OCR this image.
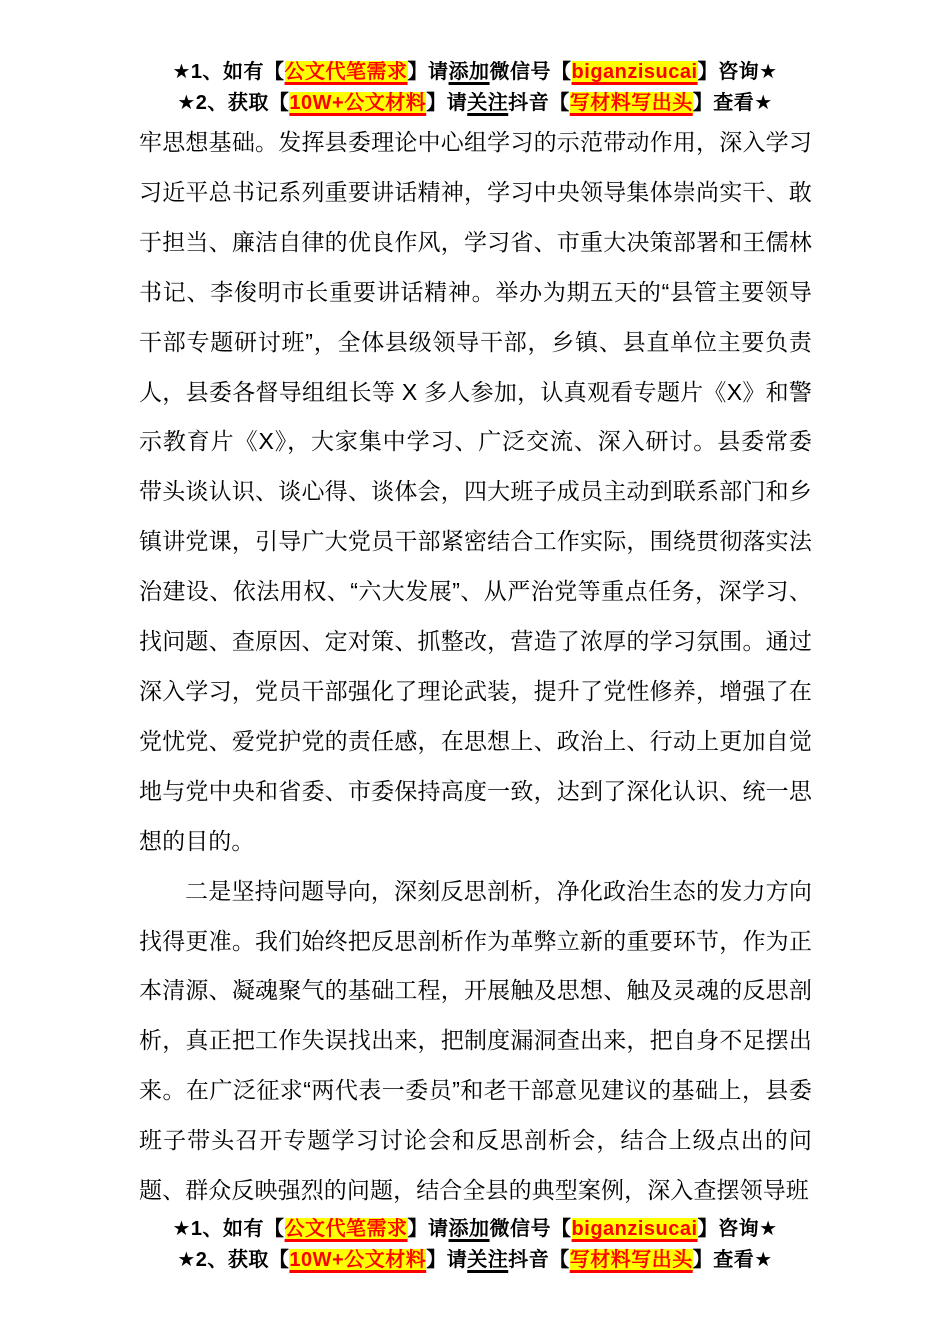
★1、如有【公文代笔需求】请添加微信号【biganzisucai】咨询★
★2、获取【10W+公文材料】请关注抖音【写材料写出头】查看★

牢思想基础。发挥县委理论中心组学习的示范带动作用，深入学习习近平总书记系列重要讲话精神，学习中央领导集体崇尚实干、敢于担当、廉洁自律的优良作风，学习省、市重大决策部署和王儒林书记、李俊明市长重要讲话精神。举办为期五天的“县管主要领导干部专题研讨班”，全体县级领导干部，乡镇、县直单位主要负责人，县委各督导组组长等 X 多人参加，认真观看专题片《X》和警示教育片《X》，大家集中学习、广泛交流、深入研讨。县委常委带头谈认识、谈心得、谈体会，四大班子成员主动到联系部门和乡镇讲党课，引导广大党员干部紧密结合工作实际，围绕贯彻落实法治建设、依法用权、“六大发展”、从严治党等重点任务，深学习、找问题、查原因、定对策、抓整改，营造了浓厚的学习氛围。通过深入学习，党员干部强化了理论武装，提升了党性修养，增强了在党忧党、爱党护党的责任感，在思想上、政治上、行动上更加自觉地与党中央和省委、市委保持高度一致，达到了深化认识、统一思想的目的。

二是坚持问题导向，深刻反思剖析，净化政治生态的发力方向找得更准。我们始终把反思剖析作为革弊立新的重要环节，作为正本清源、凝魂聚气的基础工程，开展触及思想、触及灵魂的反思剖析，真正把工作失误找出来，把制度漏洞查出来，把自身不足摆出来。在广泛征求“两代表一委员”和老干部意见建议的基础上，县委班子带头召开专题学习讨论会和反思剖析会，结合上级点出的问题、群众反映强烈的问题，结合全县的典型案例，深入查摆领导班

★1、如有【公文代笔需求】请添加微信号【biganzisucai】咨询★
★2、获取【10W+公文材料】请关注抖音【写材料写出头】查看★
